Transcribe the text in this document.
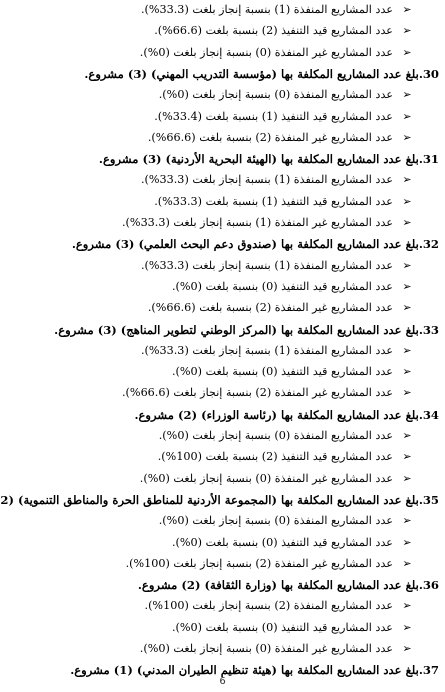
➢عدد المشاريع المنفذة (1) بنسبة إنجاز بلغت (33.3%).
➢عدد المشاريع قيد التنفيذ (2) بنسبة بلغت (66.6%).
➢عدد المشاريع غير المنفذة (0) بنسبة إنجاز بلغت (0%).
30.بلغ عدد المشاريع المكلفة بها (مؤسسة التدريب المهني) (3) مشروع.
➢عدد المشاريع المنفذة (0) بنسبة إنجاز بلغت (0%).
➢عدد المشاريع قيد التنفيذ (1) بنسبة بلغت (33.4%).
➢عدد المشاريع غير المنفذة (2) بنسبة بلغت (66.6%).
31.بلغ عدد المشاريع المكلفة بها (الهيئة البحرية الأردنية) (3) مشروع.
➢عدد المشاريع المنفذة (1) بنسبة إنجاز بلغت (33.3%).
➢عدد المشاريع قيد التنفيذ (1) بنسبة بلغت (33.3%).
➢عدد المشاريع غير المنفذة (1) بنسبة إنجاز بلغت (33.3%).
32.بلغ عدد المشاريع المكلفة بها (صندوق دعم البحث العلمي) (3) مشروع.
➢عدد المشاريع المنفذة (1) بنسبة إنجاز بلغت (33.3%).
➢عدد المشاريع قيد التنفيذ (0) بنسبة بلغت (0%).
➢عدد المشاريع غير المنفذة (2) بنسبة بلغت (66.6%).
33.بلغ عدد المشاريع المكلفة بها (المركز الوطني لتطوير المناهج) (3) مشروع.
➢عدد المشاريع المنفذة (1) بنسبة إنجاز بلغت (33.3%).
➢عدد المشاريع قيد التنفيذ (0) بنسبة بلغت (0%).
➢عدد المشاريع غير المنفذة (2) بنسبة إنجاز بلغت (66.6%).
34.بلغ عدد المشاريع المكلفة بها (رئاسة الوزراء) (2) مشروع.
➢عدد المشاريع المنفذة (0) بنسبة إنجاز بلغت (0%).
➢عدد المشاريع قيد التنفيذ (2) بنسبة بلغت (100%).
➢عدد المشاريع غير المنفذة (0) بنسبة إنجاز بلغت (0%).
35.بلغ عدد المشاريع المكلفة بها (المجموعة الأردنية للمناطق الحرة والمناطق التنموية) (2
➢عدد المشاريع المنفذة (0) بنسبة إنجاز بلغت (0%).
➢عدد المشاريع قيد التنفيذ (0) بنسبة بلغت (0%).
➢عدد المشاريع غير المنفذة (2) بنسبة إنجاز بلغت (100%).
36.بلغ عدد المشاريع المكلفة بها (وزارة الثقافة) (2) مشروع.
➢عدد المشاريع المنفذة (2) بنسبة إنجاز بلغت (100%).
➢عدد المشاريع قيد التنفيذ (0) بنسبة بلغت (0%).
➢عدد المشاريع غير المنفذة (0) بنسبة إنجاز بلغت (0%).
37.بلغ عدد المشاريع المكلفة بها (هيئة تنظيم الطيران المدني) (1) مشروع.
6
